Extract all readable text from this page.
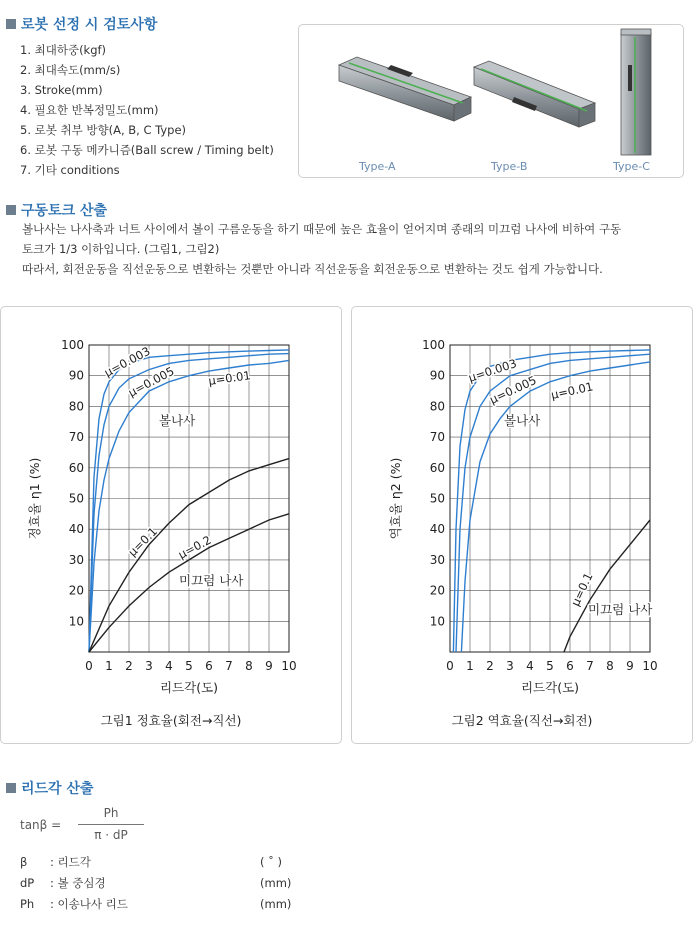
로봇 선정 시 검토사항
1. 최대하중(kgf)
2. 최대속도(mm/s)
3. Stroke(mm)
4. 필요한 반복정밀도(mm)
5. 로봇 취부 방향(A, B, C Type)
6. 로봇 구동 메카니즘(Ball screw / Timing belt)
7. 기타 conditions	Type-A	Type-B	Type-C
구동토크 산출
볼나사는 나사축과 너트 사이에서 볼이 구름운동을 하기 때문에 높은 효율이 얻어지며 종래의 미끄럼 나사에 비하여 구동
토크가 1/3 이하입니다. (그림1, 그림2)
따라서, 회전운동을 직선운동으로 변환하는 것뿐만 아니라 직선운동을 회전운동으로 변환하는 것도 쉽게 가능합니다.
0 1 2 3 4 5 6 7 8 9 10
10
20
30
40
50
60
70
80
90
100
리드각(도)
정효율 η1 (%)
μ=0.003
μ=0.005	μ=0.01
μ=0.1 μ=0.2
볼나사
미끄럼 나사
그림1 정효율(회전→직선)
0 1 2 3 4 5 6 7 8 9 10
10
20
30
40
50
60
70
80
90
100
리드각(도)
역효율 η2 (%)
μ=0.003
μ=0.005 μ=0.01
μ=0.1
볼나사
미끄럼 나사
그림2 역효율(직선→회전)
리드각 산출
tanβ =
Ph
π ⋅ dP
β : 리드각	( ˚ )
dP : 볼 중심경	(mm)
Ph : 이송나사 리드	(mm)
